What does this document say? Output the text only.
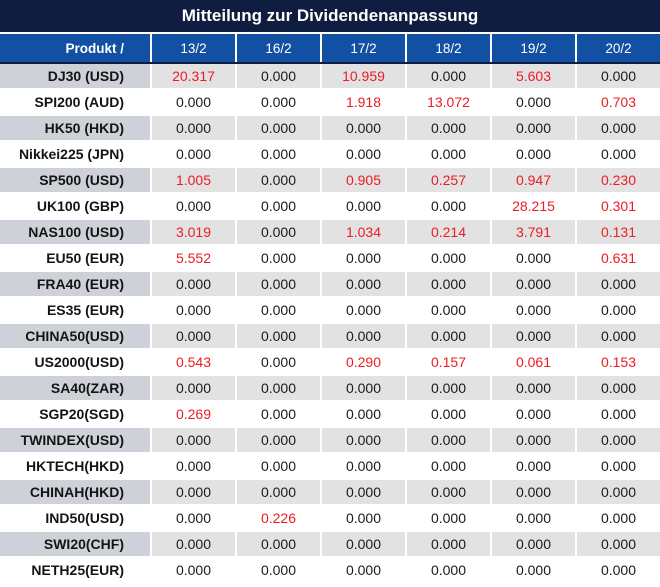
Mitteilung zur Dividendenanpassung
Produkt /	13/2	16/2	17/2	18/2	19/2	20/2
DJ30 (USD)	20.317	0.000	10.959	0.000	5.603	0.000
SPI200 (AUD)	0.000	0.000	1.918	13.072	0.000	0.703
HK50 (HKD)	0.000	0.000	0.000	0.000	0.000	0.000
Nikkei225 (JPN)	0.000	0.000	0.000	0.000	0.000	0.000
SP500 (USD)	1.005	0.000	0.905	0.257	0.947	0.230
UK100 (GBP)	0.000	0.000	0.000	0.000	28.215	0.301
NAS100 (USD)	3.019	0.000	1.034	0.214	3.791	0.131
EU50 (EUR)	5.552	0.000	0.000	0.000	0.000	0.631
FRA40 (EUR)	0.000	0.000	0.000	0.000	0.000	0.000
ES35 (EUR)	0.000	0.000	0.000	0.000	0.000	0.000
CHINA50(USD)	0.000	0.000	0.000	0.000	0.000	0.000
US2000(USD)	0.543	0.000	0.290	0.157	0.061	0.153
SA40(ZAR)	0.000	0.000	0.000	0.000	0.000	0.000
SGP20(SGD)	0.269	0.000	0.000	0.000	0.000	0.000
TWINDEX(USD)	0.000	0.000	0.000	0.000	0.000	0.000
HKTECH(HKD)	0.000	0.000	0.000	0.000	0.000	0.000
CHINAH(HKD)	0.000	0.000	0.000	0.000	0.000	0.000
IND50(USD)	0.000	0.226	0.000	0.000	0.000	0.000
SWI20(CHF)	0.000	0.000	0.000	0.000	0.000	0.000
NETH25(EUR)	0.000	0.000	0.000	0.000	0.000	0.000
